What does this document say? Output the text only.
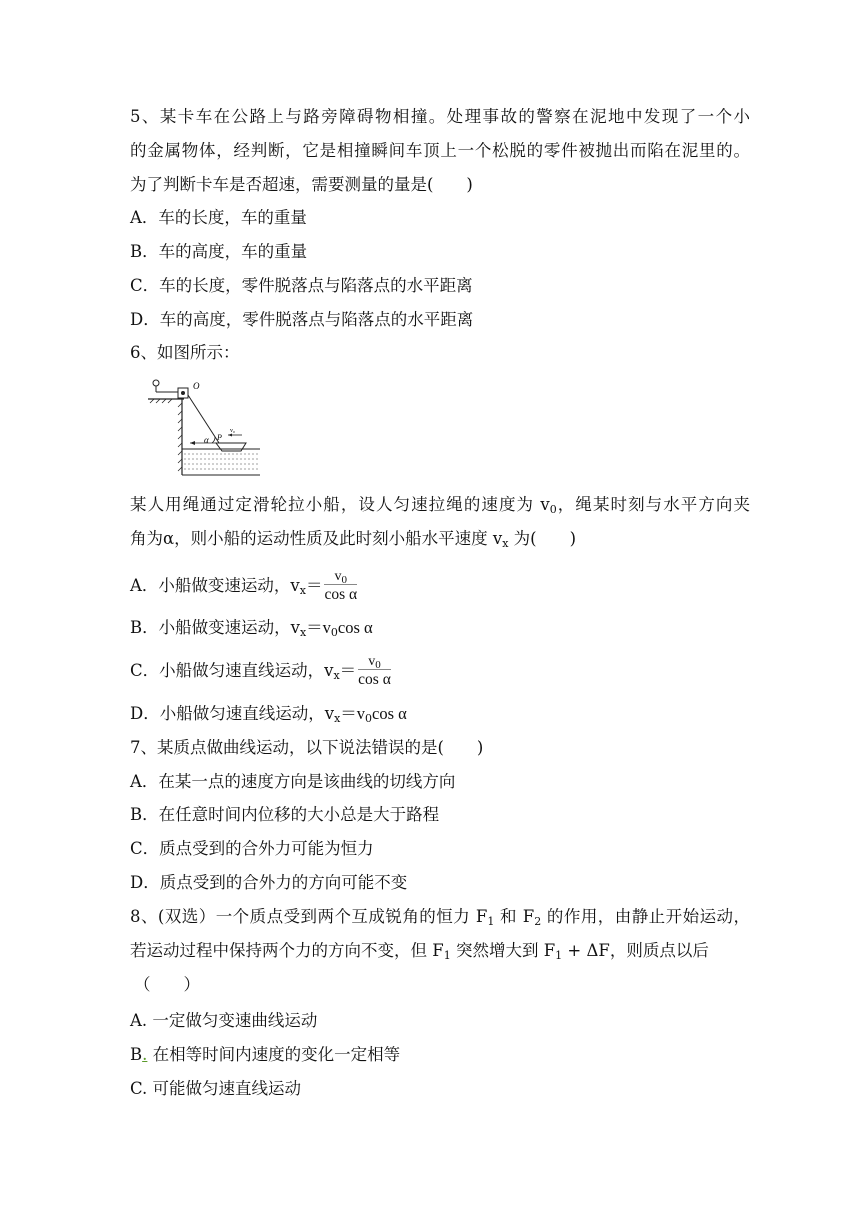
5、某卡车在公路上与路旁障碍物相撞。处理事故的警察在泥地中发现了一个小
的金属物体，经判断，它是相撞瞬间车顶上一个松脱的零件被抛出而陷在泥里的。
为了判断卡车是否超速，需要测量的量是(　　)
A．车的长度，车的重量
B．车的高度，车的重量
C．车的长度，零件脱落点与陷落点的水平距离
D．车的高度，零件脱落点与陷落点的水平距离
6、如图所示：
O
α P
v₀
某人用绳通过定滑轮拉小船，设人匀速拉绳的速度为 $v_0$，绳某时刻与水平方向夹
角为α，则小船的运动性质及此时刻小船水平速度 $v_x$ 为(　　)
A．小船做变速运动，$v_x= \frac{v_0}{\text{cos α}}$
B．小船做变速运动，$v_x=v_0\cos$ α
C．小船做匀速直线运动，$v_x= \frac{v_0}{\text{cos α}}$
D．小船做匀速直线运动，$v_x=v_0\cos$ α
7、某质点做曲线运动，以下说法错误的是(　　)
A．在某一点的速度方向是该曲线的切线方向
B．在任意时间内位移的大小总是大于路程
C．质点受到的合外力可能为恒力
D．质点受到的合外力的方向可能不变
8、(双选）一个质点受到两个互成锐角的恒力 $F_1$ 和 $F_2$ 的作用，由静止开始运动，
若运动过程中保持两个力的方向不变，但 $F_1$ 突然增大到 $F_1 + \Delta F$，则质点以后
（　　）
A. 一定做匀变速曲线运动
B. 在相等时间内速度的变化一定相等
C. 可能做匀速直线运动
